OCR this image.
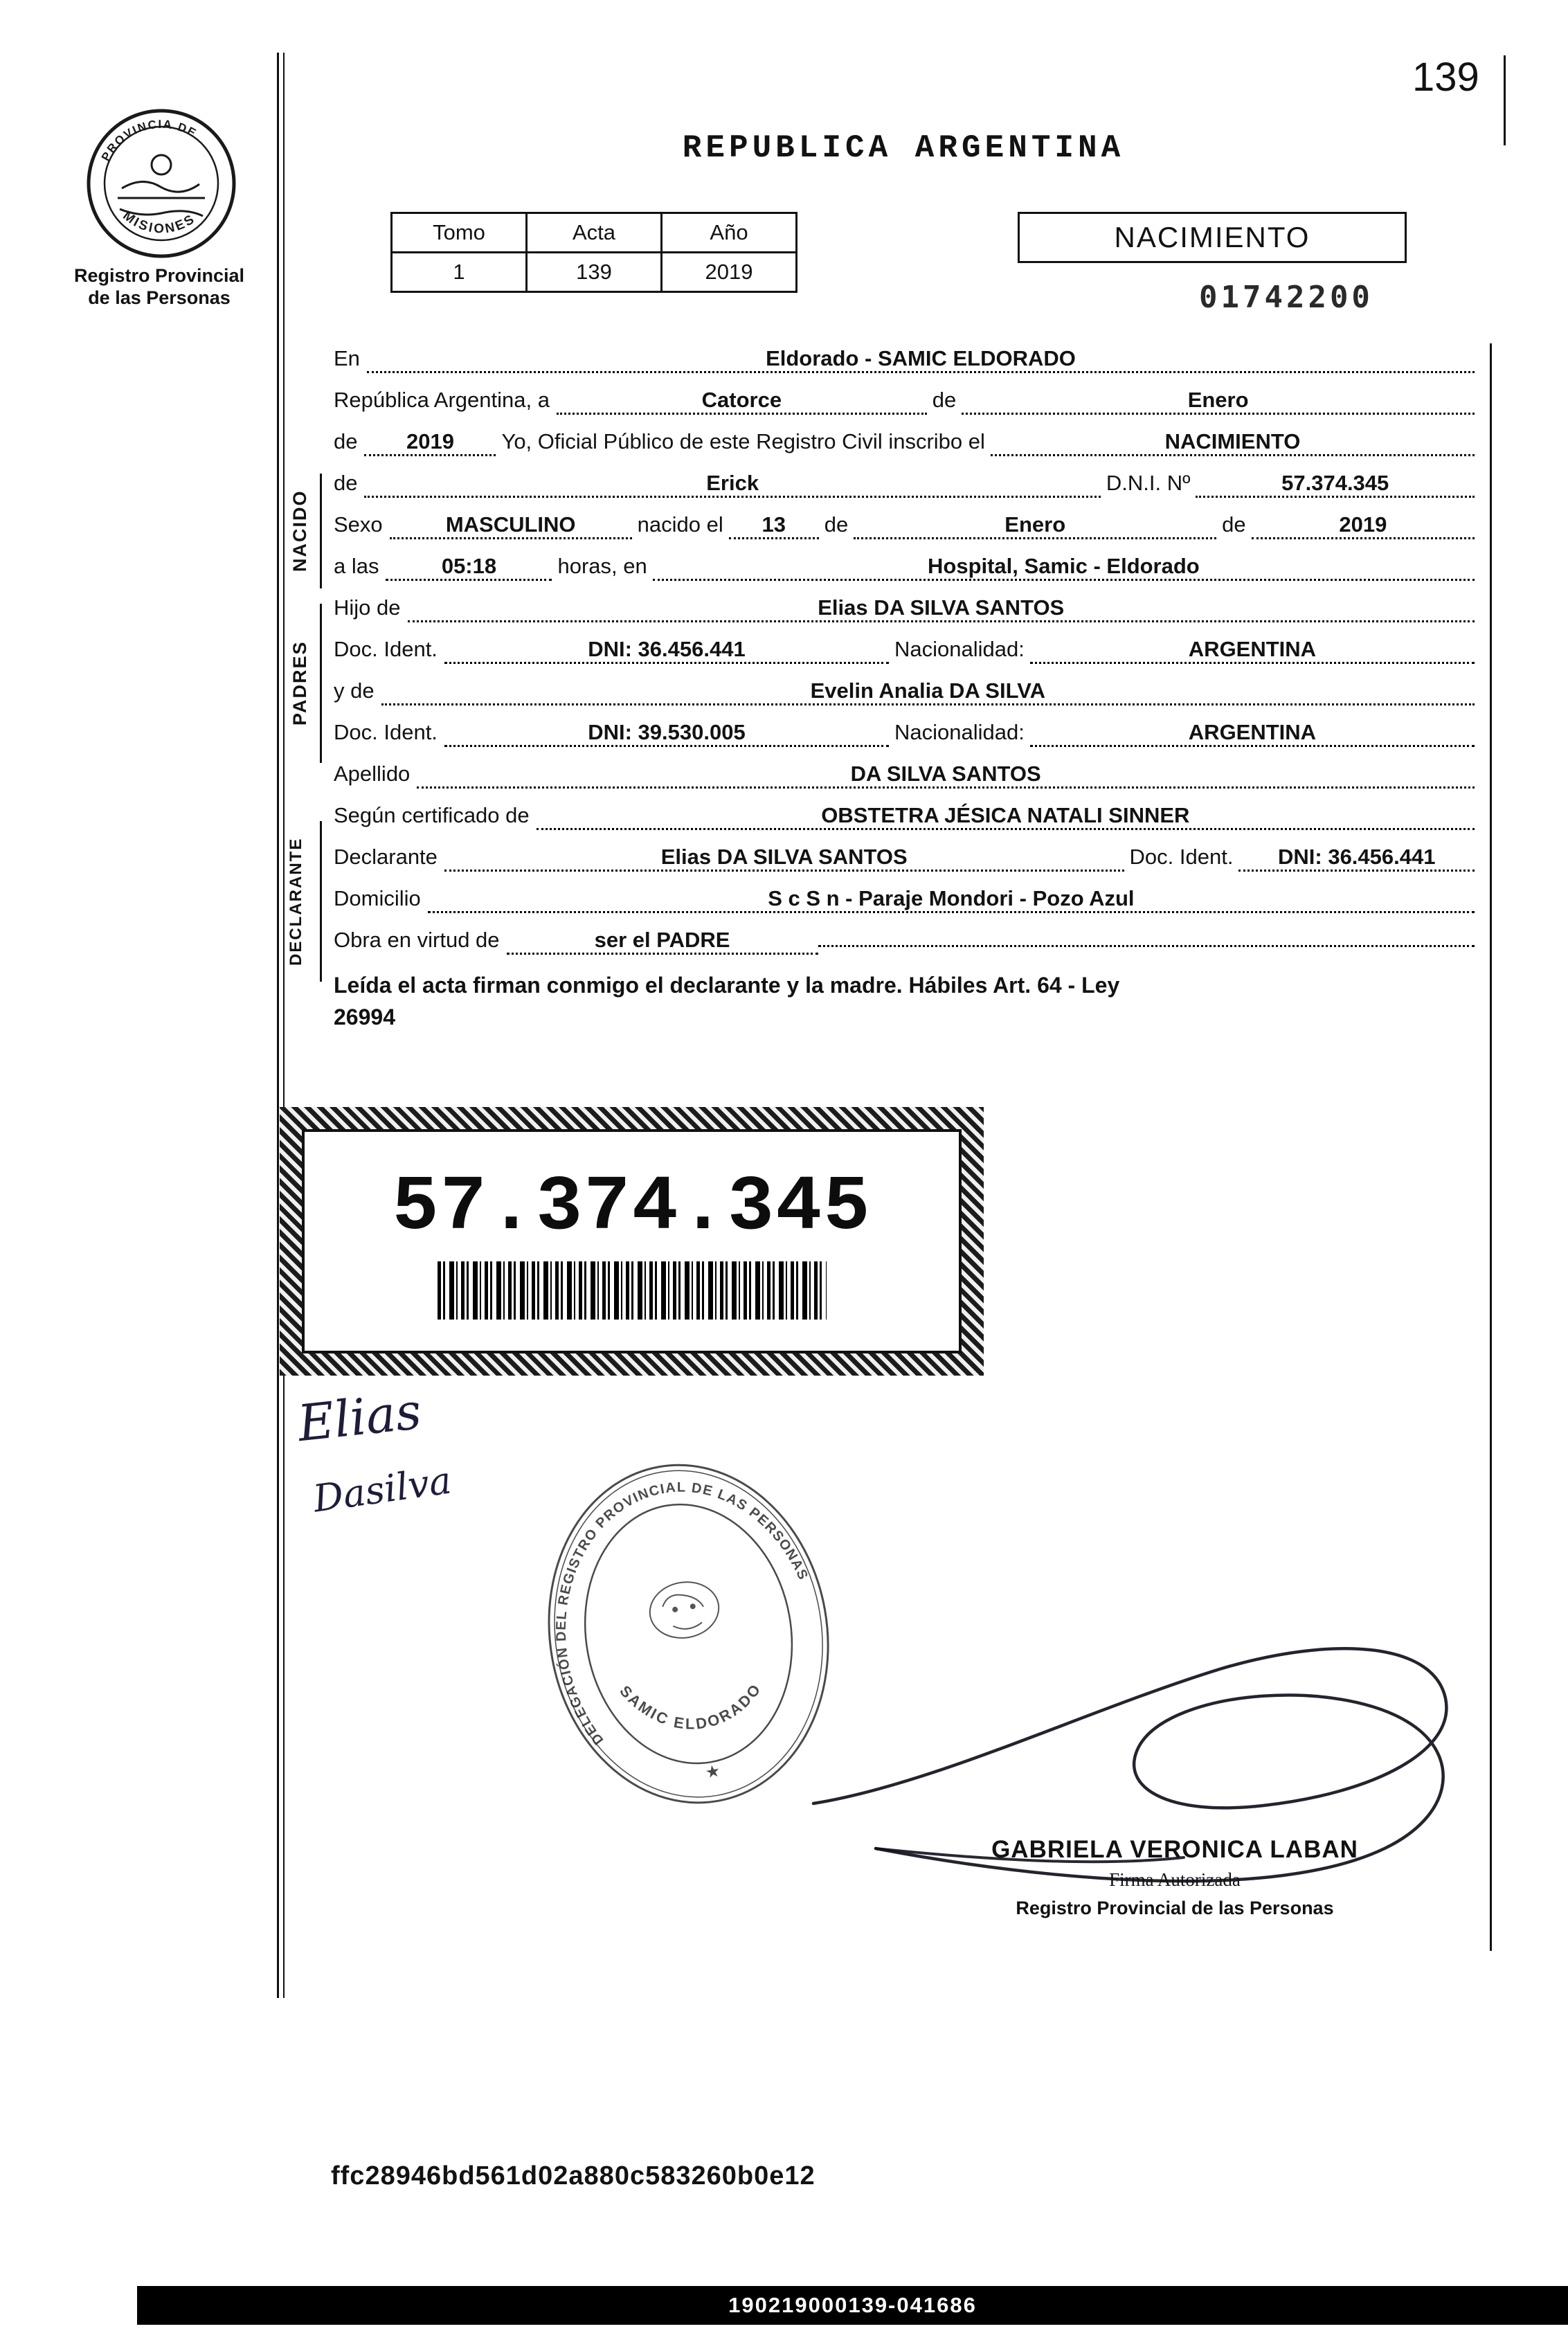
139
PROVINCIA DE
MISIONES
Registro Provincial
de las Personas
REPUBLICA ARGENTINA
Tomo	Acta	Año
1	139	2019
NACIMIENTO
01742200
NACIDO
PADRES
DECLARANTE
En	Eldorado - SAMIC ELDORADO
República Argentina, a	Catorce	de	Enero
de	2019	Yo, Oficial Público de este Registro Civil inscribo el	NACIMIENTO
de	Erick	D.N.I. Nº	57.374.345
Sexo	MASCULINO	nacido el	13	de	Enero	de	2019
a las	05:18	horas, en	Hospital, Samic - Eldorado
Hijo de	Elias DA SILVA SANTOS
Doc. Ident.	DNI: 36.456.441	Nacionalidad:	ARGENTINA
y de	Evelin Analia DA SILVA
Doc. Ident.	DNI: 39.530.005	Nacionalidad:	ARGENTINA
Apellido	DA SILVA SANTOS
Según certificado de	OBSTETRA JÉSICA NATALI SINNER
Declarante	Elias DA SILVA SANTOS	Doc. Ident.	DNI: 36.456.441
Domicilio	S c S n - Paraje Mondori - Pozo Azul
Obra en virtud de	ser el PADRE
Leída el acta firman conmigo el declarante y la madre. Hábiles Art. 64 - Ley
26994
57.374.345
Elias
Dasilva
DELEGACIÓN DEL REGISTRO PROVINCIAL DE LAS PERSONAS
SAMIC ELDORADO
★
GABRIELA VERONICA LABAN
Firma Autorizada
Registro Provincial de las Personas
ffc28946bd561d02a880c583260b0e12
190219000139-041686
